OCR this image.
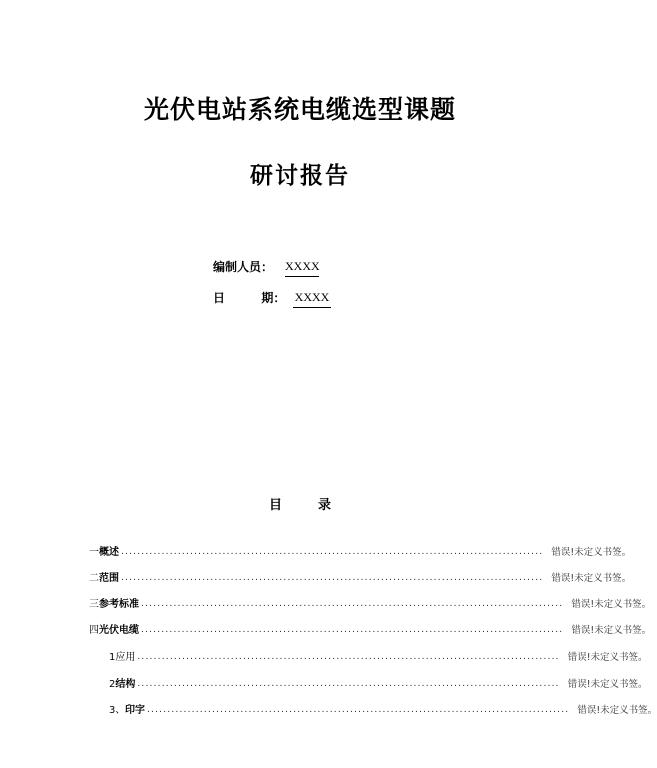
光伏电站系统电缆选型课题
研讨报告
编制人员： XXXX
日	期： XXXX
目	录
一 概述 ........................................................................................................ 错误!未定义书签。
二 范围 ........................................................................................................ 错误!未定义书签。
三 参考标准 ........................................................................................................ 错误!未定义书签。
四 光伏电缆 ........................................................................................................ 错误!未定义书签。
1 应用 ........................................................................................................ 错误!未定义书签。
2 结构 ........................................................................................................ 错误!未定义书签。
3、 印字 ........................................................................................................ 错误!未定义书签。
